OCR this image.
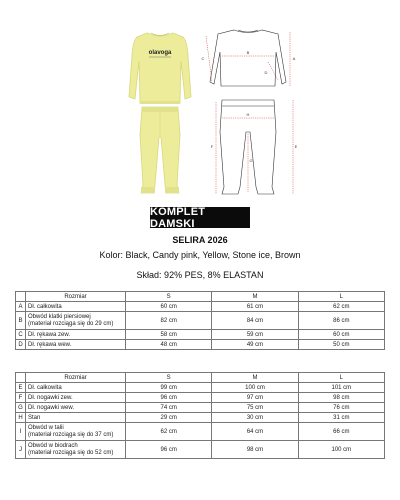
olavoga
A
B
C
D
E
F
G
H
KOMPLET DAMSKI
SELIRA 2026
Kolor: Black, Candy pink, Yellow, Stone ice, Brown
Skład: 92% PES, 8% ELASTAN
	Rozmiar	S	M	L
A	Dł. całkowita	60 cm	61 cm	62 cm
B	Obwód klatki piersiowej
(materiał rozciąga się do 29 cm)	82 cm	84 cm	86 cm
C	Dł. rękawa zew.	58 cm	59 cm	60 cm
D	Dł. rękawa wew.	48 cm	49 cm	50 cm
	Rozmiar	S	M	L
E	Dł. całkowita	99 cm	100 cm	101 cm
F	Dł. nogawki zew.	96 cm	97 cm	98 cm
G	Dł. nogawki wew.	74 cm	75 cm	76 cm
H	Stan	29 cm	30 cm	31 cm
I	Obwód w talii
(materiał rozciąga się do 37 cm)	62 cm	64 cm	66 cm
J	Obwód w biodrach
(materiał rozciąga się do 52 cm)	96 cm	98 cm	100 cm
